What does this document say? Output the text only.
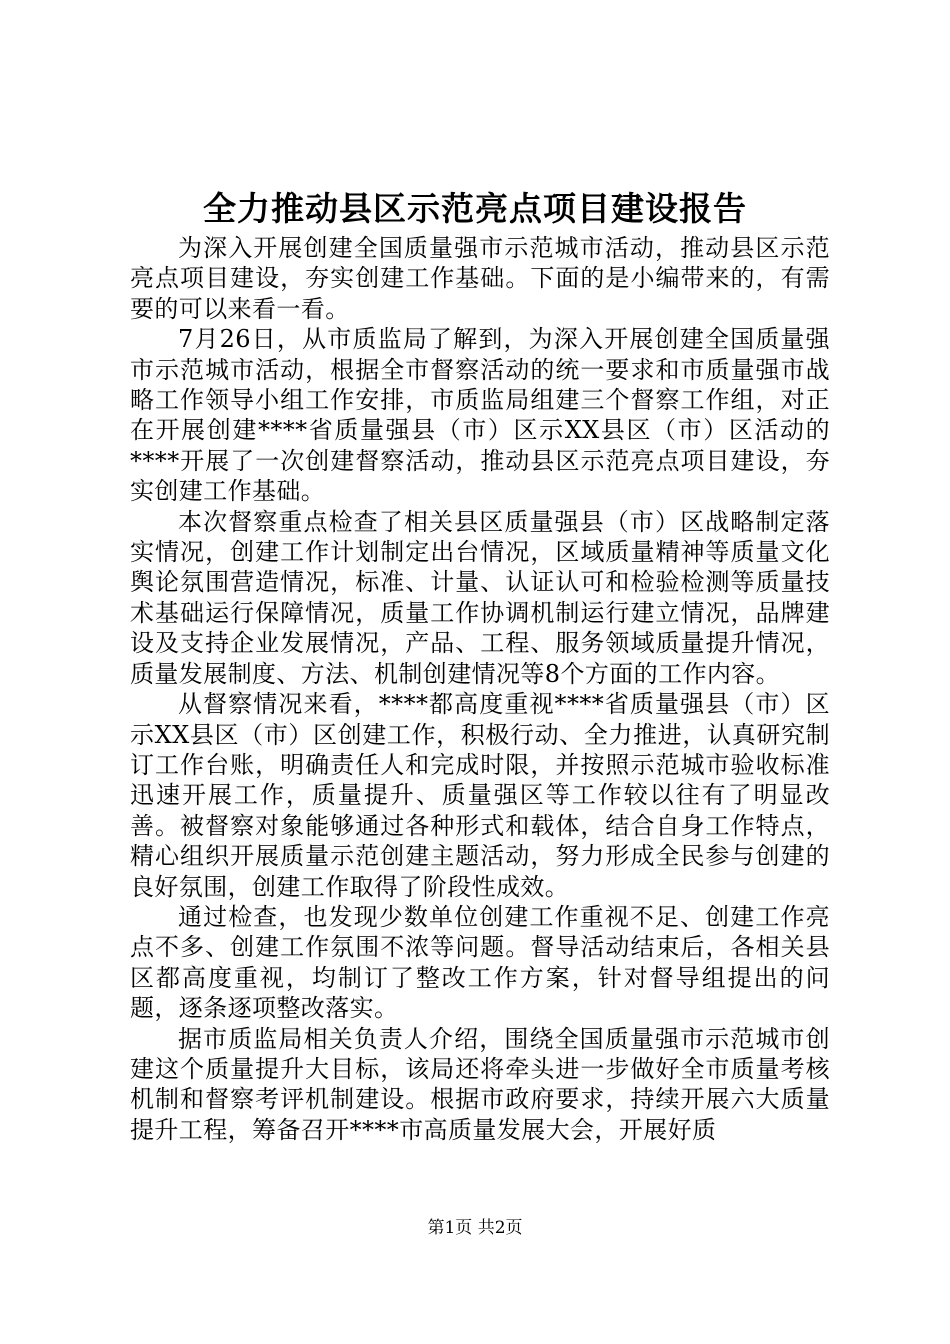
全力推动县区示范亮点项目建设报告

为深入开展创建全国质量强市示范城市活动，推动县区示范亮点项目建设，夯实创建工作基础。下面的是小编带来的，有需要的可以来看一看。

7月26日，从市质监局了解到，为深入开展创建全国质量强市示范城市活动，根据全市督察活动的统一要求和市质量强市战略工作领导小组工作安排，市质监局组建三个督察工作组，对正在开展创建****省质量强县（市）区示XX县区（市）区活动的****开展了一次创建督察活动，推动县区示范亮点项目建设，夯实创建工作基础。

本次督察重点检查了相关县区质量强县（市）区战略制定落实情况，创建工作计划制定出台情况，区域质量精神等质量文化舆论氛围营造情况，标准、计量、认证认可和检验检测等质量技术基础运行保障情况，质量工作协调机制运行建立情况，品牌建设及支持企业发展情况，产品、工程、服务领域质量提升情况，质量发展制度、方法、机制创建情况等8个方面的工作内容。

从督察情况来看，****都高度重视****省质量强县（市）区示XX县区（市）区创建工作，积极行动、全力推进，认真研究制订工作台账，明确责任人和完成时限，并按照示范城市验收标准迅速开展工作，质量提升、质量强区等工作较以往有了明显改善。被督察对象能够通过各种形式和载体，结合自身工作特点，精心组织开展质量示范创建主题活动，努力形成全民参与创建的良好氛围，创建工作取得了阶段性成效。

通过检查，也发现少数单位创建工作重视不足、创建工作亮点不多、创建工作氛围不浓等问题。督导活动结束后，各相关县区都高度重视，均制订了整改工作方案，针对督导组提出的问题，逐条逐项整改落实。

据市质监局相关负责人介绍，围绕全国质量强市示范城市创建这个质量提升大目标，该局还将牵头进一步做好全市质量考核机制和督察考评机制建设。根据市政府要求，持续开展六大质量提升工程，筹备召开****市高质量发展大会，开展好质

第1页 共2页
